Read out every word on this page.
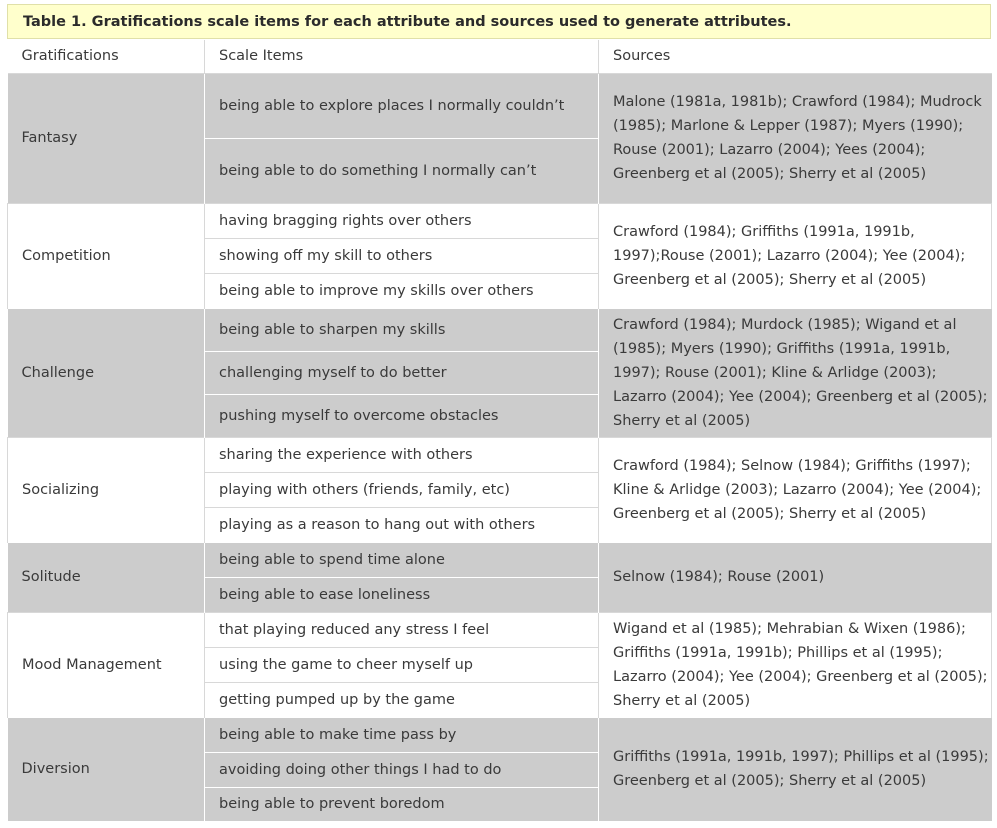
Table 1. Gratifications scale items for each attribute and sources used to generate attributes.
Gratifications	Scale Items	Sources
Fantasy	being able to explore places I normally couldn’t	Malone (1981a, 1981b); Crawford (1984); Mudrock (1985); Marlone & Lepper (1987); Myers (1990); Rouse (2001); Lazarro (2004); Yees (2004); Greenberg et al (2005); Sherry et al (2005)
	being able to do something I normally can’t	
Competition	having bragging rights over others	Crawford (1984); Griffiths (1991a, 1991b, 1997);Rouse (2001); Lazarro (2004); Yee (2004); Greenberg et al (2005); Sherry et al (2005)
	showing off my skill to others	
	being able to improve my skills over others	
Challenge	being able to sharpen my skills	Crawford (1984); Murdock (1985); Wigand et al (1985); Myers (1990); Griffiths (1991a, 1991b, 1997); Rouse (2001); Kline & Arlidge (2003); Lazarro (2004); Yee (2004); Greenberg et al (2005); Sherry et al (2005)
	challenging myself to do better	
	pushing myself to overcome obstacles	
Socializing	sharing the experience with others	Crawford (1984); Selnow (1984); Griffiths (1997); Kline & Arlidge (2003); Lazarro (2004); Yee (2004); Greenberg et al (2005); Sherry et al (2005)
	playing with others (friends, family, etc)	
	playing as a reason to hang out with others	
Solitude	being able to spend time alone	Selnow (1984); Rouse (2001)
	being able to ease loneliness	
Mood Management	that playing reduced any stress I feel	Wigand et al (1985); Mehrabian & Wixen (1986); Griffiths (1991a, 1991b); Phillips et al (1995); Lazarro (2004); Yee (2004); Greenberg et al (2005); Sherry et al (2005)
	using the game to cheer myself up	
	getting pumped up by the game	
Diversion	being able to make time pass by	Griffiths (1991a, 1991b, 1997); Phillips et al (1995); Greenberg et al (2005); Sherry et al (2005)
	avoiding doing other things I had to do	
	being able to prevent boredom	
